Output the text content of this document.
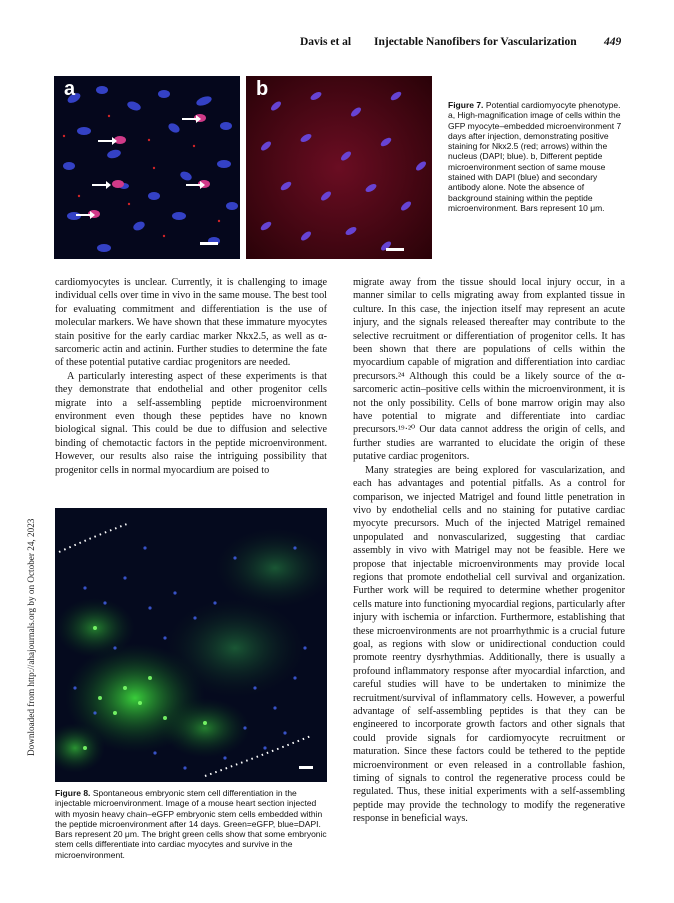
Davis et al Injectable Nanofibers for Vascularization 449
a	b
Figure 7. Potential cardiomyocyte phenotype. a, High-magnification image of cells within the GFP myocyte–embedded microenvironment 7 days after injection, demonstrating positive staining for Nkx2.5 (red; arrows) within the nucleus (DAPI; blue). b, Different peptide microenvironment section of same mouse stained with DAPI (blue) and secondary antibody alone. Note the absence of background staining within the peptide microenvironment. Bars represent 10 μm.

cardiomyocytes is unclear. Currently, it is challenging to image individual cells over time in vivo in the same mouse. The best tool for evaluating commitment and differentiation is the use of molecular markers. We have shown that these immature myocytes stain positive for the early cardiac marker Nkx2.5, as well as α-sarcomeric actin and actinin. Further studies to determine the fate of these potential putative cardiac progenitors are needed.

A particularly interesting aspect of these experiments is that they demonstrate that endothelial and other progenitor cells migrate into a self-assembling peptide microenvironment environment even though these peptides have no known biological signal. This could be due to diffusion and selective binding of chemotactic factors in the peptide microenvironment. However, our results also raise the intriguing possibility that progenitor cells in normal myocardium are poised to

migrate away from the tissue should local injury occur, in a manner similar to cells migrating away from explanted tissue in culture. In this case, the injection itself may represent an acute injury, and the signals released thereafter may contribute to the selective recruitment or differentiation of progenitor cells. It has been shown that there are populations of cells within the myocardium capable of migration and differentiation into cardiac precursors.²⁴ Although this could be a likely source of the α-sarcomeric actin–positive cells within the microenvironment, it is not the only possibility. Cells of bone marrow origin may also have potential to migrate and differentiate into cardiac precursors.¹⁹·²⁰ Our data cannot address the origin of cells, and further studies are warranted to elucidate the origin of these putative cardiac progenitors.

Many strategies are being explored for vascularization, and each has advantages and potential pitfalls. As a control for comparison, we injected Matrigel and found little penetration in vivo by endothelial cells and no staining for putative cardiac myocyte precursors. Much of the injected Matrigel remained unpopulated and nonvascularized, suggesting that cardiac assembly in vivo with Matrigel may not be feasible. Here we propose that injectable microenvironments may provide local regions that promote endothelial cell survival and organization. Further work will be required to determine whether progenitor cells mature into functioning myocardial regions, particularly after injury with ischemia or infarction. Furthermore, establishing that these microenvironments are not proarrhythmic is a crucial future goal, as regions with slow or unidirectional conduction could promote reentry dysrhythmias. Additionally, there is usually a profound inflammatory response after myocardial infarction, and careful studies will have to be undertaken to minimize the recruitment/survival of inflammatory cells. However, a powerful advantage of self-assembling peptides is that they can be engineered to incorporate growth factors and other signals that could provide signals for cardiomyocyte recruitment or maturation. Since these factors could be tethered to the peptide microenvironment or even released in a controllable fashion, timing of signals to control the regenerative process could be regulated. Thus, these initial experiments with a self-assembling peptide may provide the technology to modify the regenerative response in beneficial ways.

Figure 8. Spontaneous embryonic stem cell differentiation in the injectable microenvironment. Image of a mouse heart section injected with myosin heavy chain–eGFP embryonic stem cells embedded within the peptide microenvironment after 14 days. Green=eGFP, blue=DAPI. Bars represent 20 μm. The bright green cells show that some embryonic stem cells differentiate into cardiac myocytes and survive in the microenvironment.
Downloaded from http://ahajournals.org by on October 24, 2023
